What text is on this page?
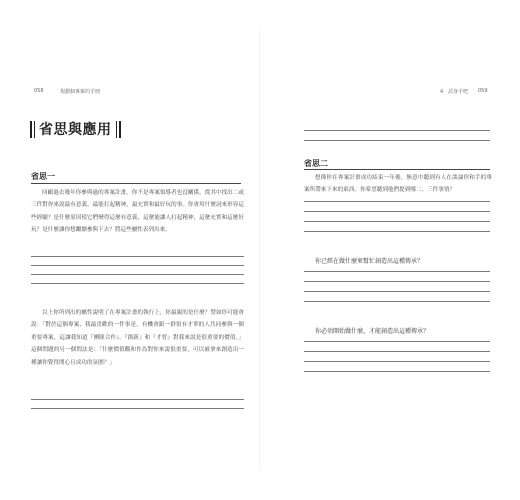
058	規劃個專案的手冊
省思與應用
省思一
回顧過去幾年你參與過的專案計畫，你不是專案領導者也沒關係，從其中找出二或三件對你來說最有意義、最能打起精神，最充實和最好玩的事。你會用什麼詞來形容這些經驗？是什麼原因使它們變得這麼有意義，這麼能讓人打起精神，這麼充實和這麼好玩？是什麼讓你想繼續參與下去？將這些屬性表列出來。
以上你所列出的屬性說明了在專案計畫的執行上，你最親的是什麼？譬如你可能會說：「對於這個專案，我最喜歡的一件事是，有機會跟一群很有才華的人共同參與一個重要專案，這讓我知道『團隊合作』、『創新』和『才智』對我來說是很重要的價值。」這個問題的另一個問法是：「什麼價值觀和作為對你來說很重要，可以被拿來創造出一種讓你覺得開心且成功的氛圍？」
4　試身手吧 059
省思二
想像你在專案計畫成功結束一年後，無意中聽到有人在談論你和手的專案所帶來下來的東西。你希望聽到他們提到哪二、三件事情？
你已經在做什麼來幫忙創造出這種傳承？
你必須開始做什麼，才能創造出這種傳承？
